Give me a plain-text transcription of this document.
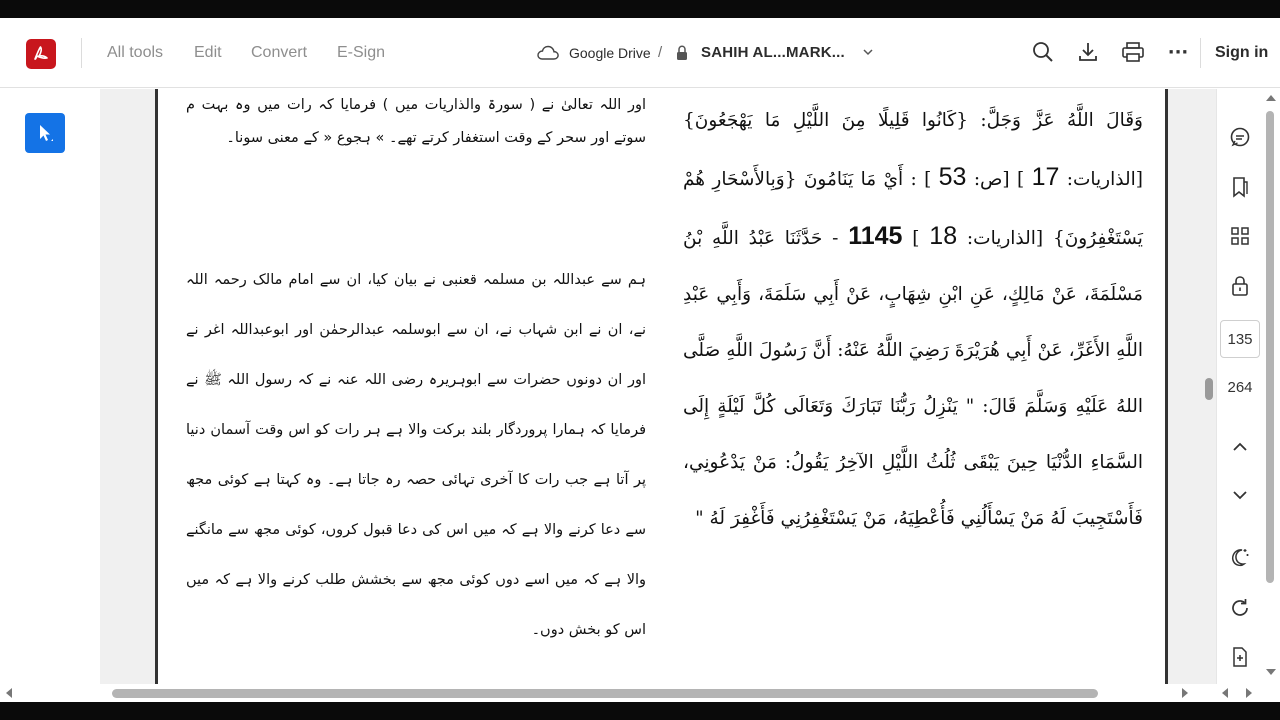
All tools Edit Convert E-Sign	Google Drive /	SAHIH AL...MARK...	··· Sign in
اور اللہ تعالیٰ نے ( سورۃ والذاریات میں ) فرمایا کہ رات میں وہ بہت م سوتے اور سحر کے وقت استغفار کرتے تھے۔ » ہجوع « کے معنی سونا۔
ہم سے عبداللہ بن مسلمہ قعنبی نے بیان کیا، ان سے امام مالک رحمہ اللہ نے، ان نے ابن شہاب نے، ان سے ابوسلمہ عبدالرحمٰن اور ابوعبداللہ اغر نے اور ان دونوں حضرات سے ابوہریرہ رضی اللہ عنہ نے کہ رسول اللہ ﷺ نے فرمایا کہ ہمارا پروردگار بلند برکت والا ہے ہر رات کو اس وقت آسمان دنیا پر آتا ہے جب رات کا آخری تہائی حصہ رہ جاتا ہے۔ وہ کہتا ہے کوئی مجھ سے دعا کرنے والا ہے کہ میں اس کی دعا قبول کروں، کوئی مجھ سے مانگنے والا ہے کہ میں اسے دوں کوئی مجھ سے بخشش طلب کرنے والا ہے کہ میں اس کو بخش دوں۔
وَقَالَ اللَّهُ عَزَّ وَجَلَّ: {كَانُوا قَلِيلًا مِنَ اللَّيْلِ مَا يَهْجَعُونَ} [الذاريات: 17 ] [ص: 53 ] : أَيْ مَا يَنَامُونَ {وَبِالأَسْحَارِ هُمْ يَسْتَغْفِرُونَ} [الذاريات: 18 ] 1145 - حَدَّثَنَا عَبْدُ اللَّهِ بْنُ مَسْلَمَةَ، عَنْ مَالِكٍ، عَنِ ابْنِ شِهَابٍ، عَنْ أَبِي سَلَمَةَ، وَأَبِي عَبْدِ اللَّهِ الأَغَرِّ، عَنْ أَبِي هُرَيْرَةَ رَضِيَ اللَّهُ عَنْهُ: أَنَّ رَسُولَ اللَّهِ صَلَّى اللهُ عَلَيْهِ وَسَلَّمَ قَالَ: " يَنْزِلُ رَبُّنَا تَبَارَكَ وَتَعَالَى كُلَّ لَيْلَةٍ إِلَى السَّمَاءِ الدُّنْيَا حِينَ يَبْقَى ثُلُثُ اللَّيْلِ الآخِرُ يَقُولُ: مَنْ يَدْعُونِي، فَأَسْتَجِيبَ لَهُ مَنْ يَسْأَلُنِي فَأُعْطِيَهُ، مَنْ يَسْتَغْفِرُنِي فَأَغْفِرَ لَهُ "
135
264
